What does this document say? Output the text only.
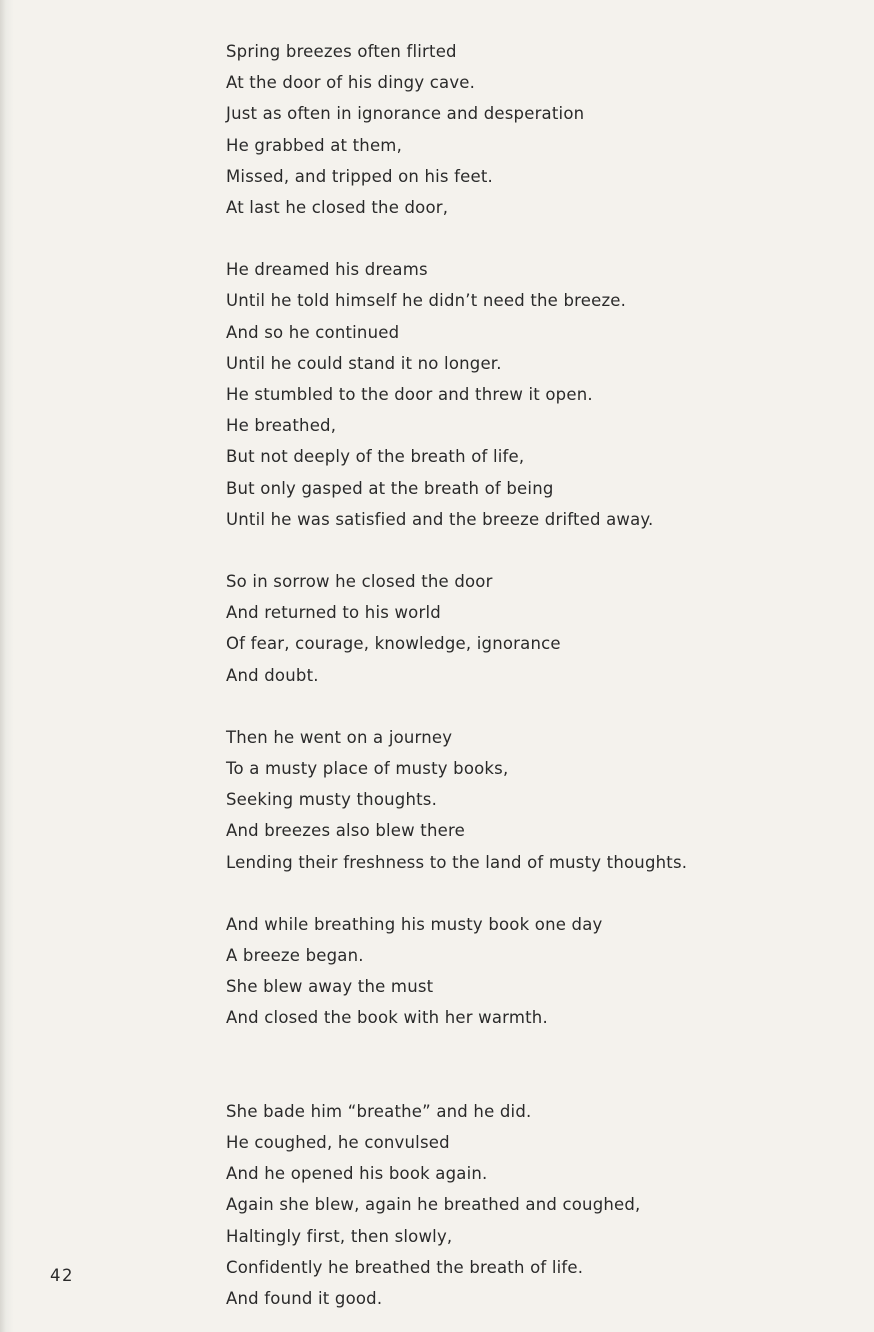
Spring breezes often flirted
At the door of his dingy cave.
Just as often in ignorance and desperation
He grabbed at them,
Missed, and tripped on his feet.
At last he closed the door,
He dreamed his dreams
Until he told himself he didn’t need the breeze.
And so he continued
Until he could stand it no longer.
He stumbled to the door and threw it open.
He breathed,
But not deeply of the breath of life,
But only gasped at the breath of being
Until he was satisfied and the breeze drifted away.
So in sorrow he closed the door
And returned to his world
Of fear, courage, knowledge, ignorance
And doubt.
Then he went on a journey
To a musty place of musty books,
Seeking musty thoughts.
And breezes also blew there
Lending their freshness to the land of musty thoughts.
And while breathing his musty book one day
A breeze began.
She blew away the must
And closed the book with her warmth.
She bade him “breathe” and he did.
He coughed, he convulsed
And he opened his book again.
Again she blew, again he breathed and coughed,
Haltingly first, then slowly,
Confidently he breathed the breath of life.
And found it good.
42
